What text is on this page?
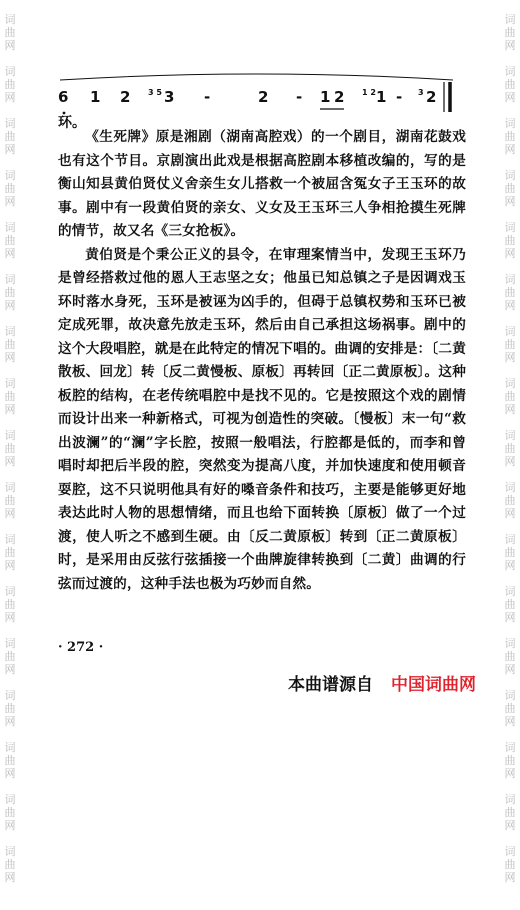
词
曲
网

词
曲
网

词
曲
网

词
曲
网

词
曲
网

词
曲
网

词
曲
网

词
曲
网

词
曲
网

词
曲
网

词
曲
网

词
曲
网

词
曲
网

词
曲
网

词
曲
网

词
曲
网

词
曲
网

词
曲
网

词
曲
网

词
曲
网

词
曲
网

词
曲
网

词
曲
网

词
曲
网

词
曲
网

词
曲
网

词
曲
网

词
曲
网

词
曲
网

词
曲
网

词
曲
网

词
曲
网

词
曲
网

词
曲
网

6 1 2 3 -	2 - 1 2 1 - 2
3 5	1 2	3
环。

《生死牌》原是湘剧（湖南高腔戏）的一个剧目，湖南花鼓戏也有这个节目。京剧演出此戏是根据高腔剧本移植改编的，写的是衡山知县黄伯贤仗义舍亲生女儿搭救一个被屈含冤女子王玉环的故事。剧中有一段黄伯贤的亲女、义女及王玉环三人争相抢摸生死牌的情节，故又名《三女抢板》。

黄伯贤是个秉公正义的县令，在审理案情当中，发现王玉环乃是曾经搭救过他的恩人王志坚之女；他虽已知总镇之子是因调戏玉环时落水身死，玉环是被诬为凶手的，但碍于总镇权势和玉环已被定成死罪，故决意先放走玉环，然后由自己承担这场祸事。剧中的这个大段唱腔，就是在此特定的情况下唱的。曲调的安排是：〔二黄散板、回龙〕转〔反二黄慢板、原板〕再转回〔正二黄原板〕。这种板腔的结构，在老传统唱腔中是找不见的。它是按照这个戏的剧情而设计出来一种新格式，可视为创造性的突破。〔慢板〕末一句“救出波澜”的“澜”字长腔，按照一般唱法，行腔都是低的，而李和曾唱时却把后半段的腔，突然变为提高八度，并加快速度和使用顿音耍腔，这不只说明他具有好的嗓音条件和技巧，主要是能够更好地表达此时人物的思想情绪，而且也给下面转换〔原板〕做了一个过渡，使人听之不感到生硬。由〔反二黄原板〕转到〔正二黄原板〕时，是采用由反弦行弦插接一个曲牌旋律转换到〔二黄〕曲调的行弦而过渡的，这种手法也极为巧妙而自然。

· 272 ·
本曲谱源自 中国词曲网
